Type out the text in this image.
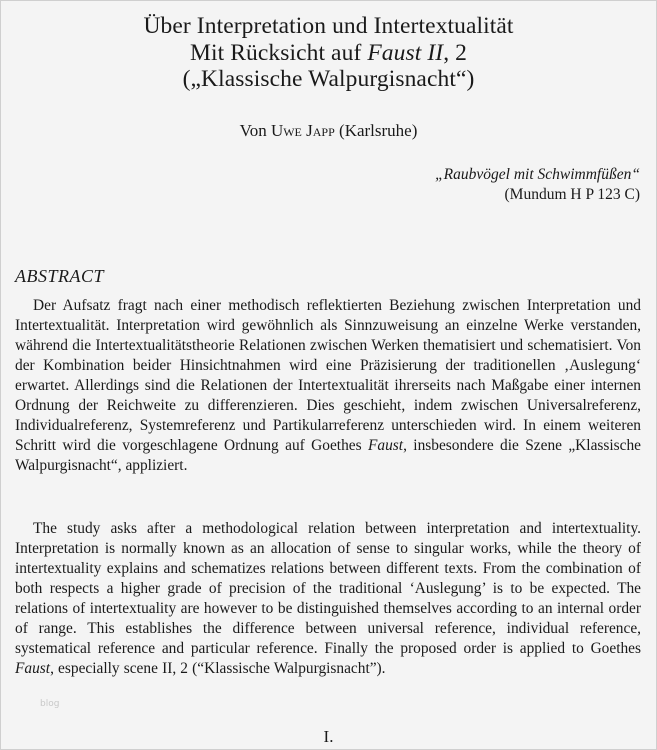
Über Interpretation und Intertextualität
Mit Rücksicht auf Faust II, 2
(„Klassische Walpurgisnacht“)
Von Uwe Japp (Karlsruhe)
„Raubvögel mit Schwimmfüßen“
(Mundum H P 123 C)
ABSTRACT
Der Aufsatz fragt nach einer methodisch reflektierten Beziehung zwischen Interpretation und Intertextualität. Interpretation wird gewöhnlich als Sinnzuweisung an einzelne Werke verstanden, während die Intertextualitätstheorie Relationen zwischen Werken thematisiert und schematisiert. Von der Kombination beider Hinsichtnahmen wird eine Präzisierung der traditionellen ‚Auslegung‘ erwartet. Allerdings sind die Relationen der Intertextualität ihrerseits nach Maßgabe einer internen Ordnung der Reichweite zu differenzieren. Dies geschieht, indem zwischen Universalreferenz, Individualreferenz, Systemreferenz und Partikularreferenz unterschieden wird. In einem weiteren Schritt wird die vorgeschlagene Ordnung auf Goethes Faust, insbesondere die Szene „Klassische Walpurgisnacht“, appliziert.
The study asks after a methodological relation between interpretation and intertextuality. Interpretation is normally known as an allocation of sense to singular works, while the theory of intertextuality explains and schematizes relations between different texts. From the combination of both respects a higher grade of precision of the traditional ‘Auslegung’ is to be expected. The relations of intertextuality are however to be distinguished themselves according to an internal order of range. This establishes the difference between universal reference, individual reference, systematical reference and particular reference. Finally the proposed order is applied to Goethes Faust, especially scene II, 2 (“Klassische Walpurgisnacht”).
blog
I.
